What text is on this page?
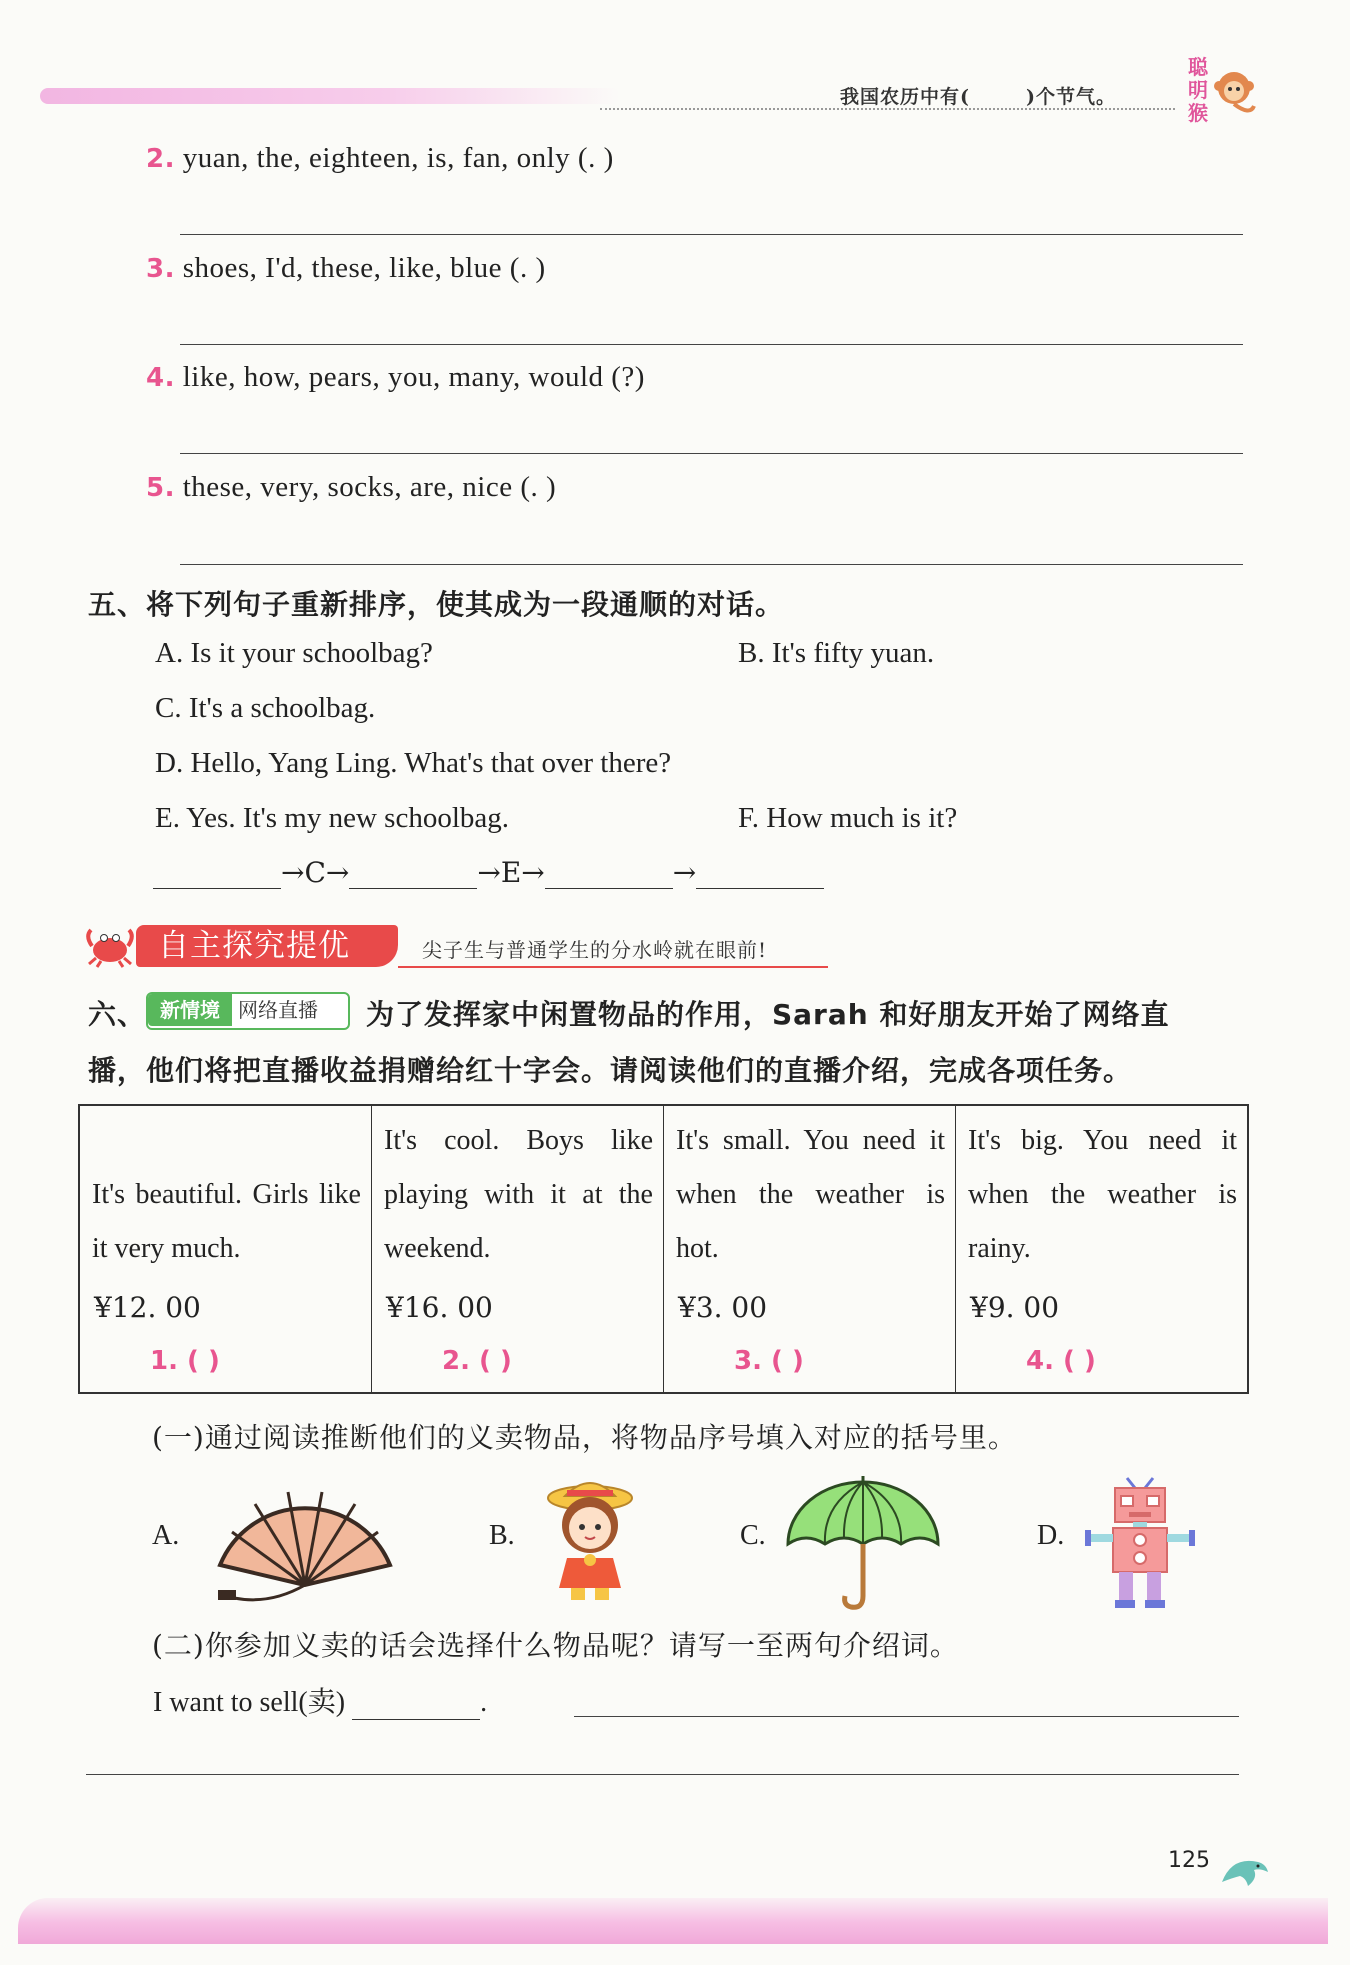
我国农历中有(	)个节气。
聪明猴
2. yuan, the, eighteen, is, fan, only (. )
3. shoes, I'd, these, like, blue (. )
4. like, how, pears, you, many, would (?)
5. these, very, socks, are, nice (. )
五、将下列句子重新排序，使其成为一段通顺的对话。
A. Is it your schoolbag?	B. It's fifty yuan.
C. It's a schoolbag.
D. Hello, Yang Ling. What's that over there?
E. Yes. It's my new schoolbag.	F. How much is it?
→C→	→E→	→
自主探究提优	尖子生与普通学生的分水岭就在眼前!
六、 新情境 网络直播 为了发挥家中闲置物品的作用，Sarah 和好朋友开始了网络直
播，他们将把直播收益捐赠给红十字会。请阅读他们的直播介绍，完成各项任务。
It's beautiful. Girls like it very much.
¥12. 00
1. ( )
It's cool. Boys like playing with it at the weekend.
¥16. 00
2. ( )
It's small. You need it when the weather is hot.
¥3. 00
3. ( )
It's big. You need it when the weather is rainy.
¥9. 00
4. ( )
(一)通过阅读推断他们的义卖物品，将物品序号填入对应的括号里。
A.	B.	C.	D.
(二)你参加义卖的话会选择什么物品呢？请写一至两句介绍词。
I want to sell(卖)	.
125
